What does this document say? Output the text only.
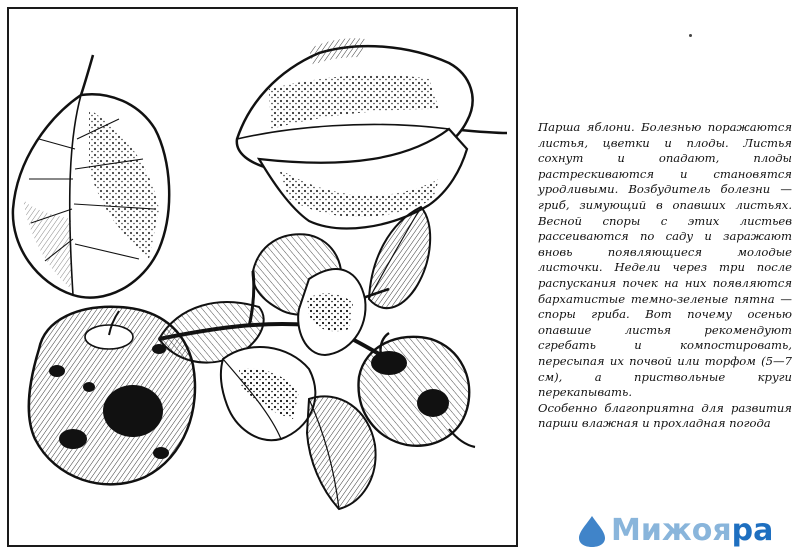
Парша яблони. Болезнью поражаются листья, цветки и плоды. Листья сохнут и опадают, плоды растрескиваются и становятся уродливыми. Возбудитель болезни — гриб, зимующий в опавших листьях. Весной споры с этих листьев рассеиваются по саду и заражают вновь появляющиеся молодые листочки. Недели через три после распускания почек на них появляются бархатистые темно-зеленые пятна — споры гриба. Вот почему осенью опавшие листья рекомендуют сгребать и компостировать, пересыпая их почвой или торфом (5—7 см), а приствольные круги перекапывать.

Особенно благоприятна для развития парши влажная и прохладная погода

Мижояра
